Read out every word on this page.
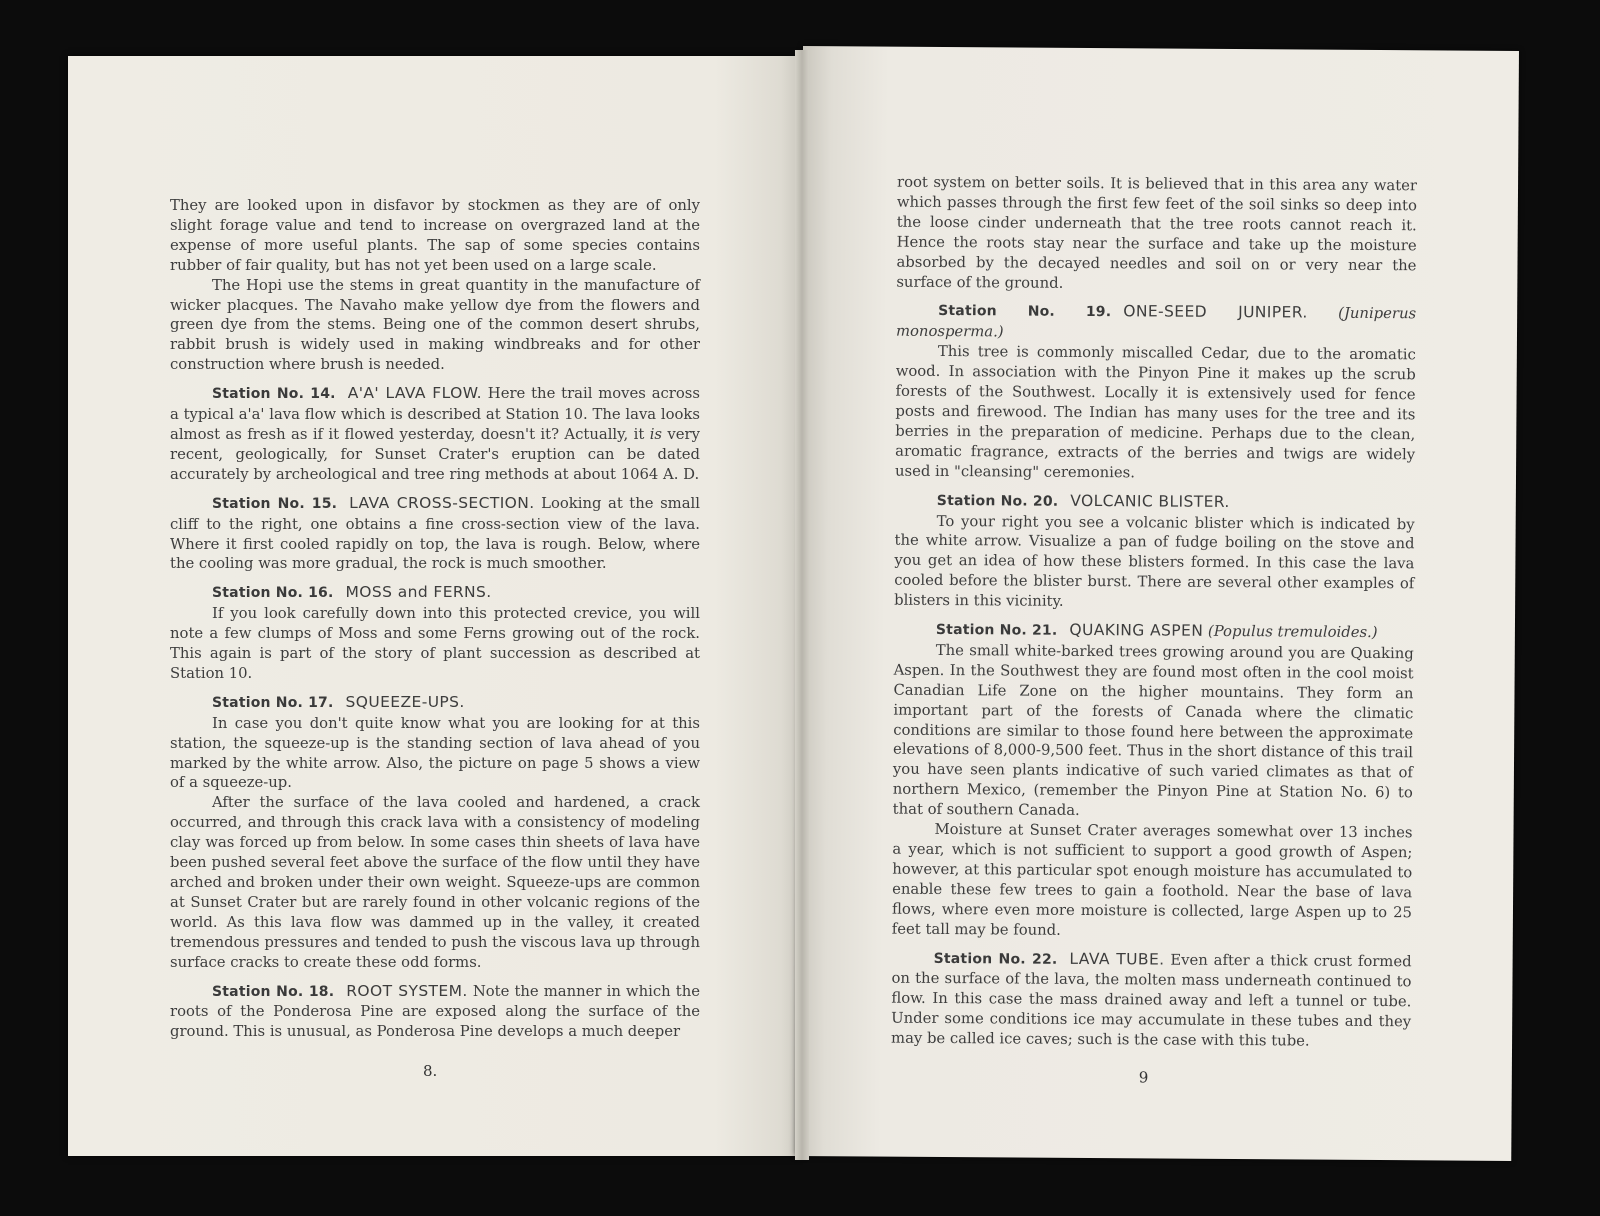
They are looked upon in disfavor by stockmen as they are of only slight forage value and tend to increase on overgrazed land at the expense of more useful plants. The sap of some species contains rubber of fair quality, but has not yet been used on a large scale.

The Hopi use the stems in great quantity in the manufacture of wicker placques. The Navaho make yellow dye from the flowers and green dye from the stems. Being one of the common desert shrubs, rabbit brush is widely used in making windbreaks and for other construction where brush is needed.

Station No. 14. A'A' LAVA FLOW. Here the trail moves across a typical a'a' lava flow which is described at Station 10. The lava looks almost as fresh as if it flowed yesterday, doesn't it? Actually, it is very recent, geologically, for Sunset Crater's eruption can be dated accurately by archeological and tree ring methods at about 1064 A. D.

Station No. 15. LAVA CROSS-SECTION. Looking at the small cliff to the right, one obtains a fine cross-section view of the lava. Where it first cooled rapidly on top, the lava is rough. Below, where the cooling was more gradual, the rock is much smoother.

Station No. 16. MOSS and FERNS.

If you look carefully down into this protected crevice, you will note a few clumps of Moss and some Ferns growing out of the rock. This again is part of the story of plant succession as described at Station 10.

Station No. 17. SQUEEZE-UPS.

In case you don't quite know what you are looking for at this station, the squeeze-up is the standing section of lava ahead of you marked by the white arrow. Also, the picture on page 5 shows a view of a squeeze-up.

After the surface of the lava cooled and hardened, a crack occurred, and through this crack lava with a consistency of modeling clay was forced up from below. In some cases thin sheets of lava have been pushed several feet above the surface of the flow until they have arched and broken under their own weight. Squeeze-ups are common at Sunset Crater but are rarely found in other volcanic regions of the world. As this lava flow was dammed up in the valley, it created tremendous pressures and tended to push the viscous lava up through surface cracks to create these odd forms.

Station No. 18. ROOT SYSTEM. Note the manner in which the roots of the Ponderosa Pine are exposed along the surface of the ground. This is unusual, as Ponderosa Pine develops a much deeper

8.

root system on better soils. It is believed that in this area any water which passes through the first few feet of the soil sinks so deep into the loose cinder underneath that the tree roots cannot reach it. Hence the roots stay near the surface and take up the moisture absorbed by the decayed needles and soil on or very near the surface of the ground.

Station No. 19. ONE-SEED JUNIPER. (Juniperus monosperma.)

This tree is commonly miscalled Cedar, due to the aromatic wood. In association with the Pinyon Pine it makes up the scrub forests of the Southwest. Locally it is extensively used for fence posts and firewood. The Indian has many uses for the tree and its berries in the preparation of medicine. Perhaps due to the clean, aromatic fragrance, extracts of the berries and twigs are widely used in "cleansing" ceremonies.

Station No. 20. VOLCANIC BLISTER.

To your right you see a volcanic blister which is indicated by the white arrow. Visualize a pan of fudge boiling on the stove and you get an idea of how these blisters formed. In this case the lava cooled before the blister burst. There are several other examples of blisters in this vicinity.

Station No. 21. QUAKING ASPEN (Populus tremuloides.)

The small white-barked trees growing around you are Quaking Aspen. In the Southwest they are found most often in the cool moist Canadian Life Zone on the higher mountains. They form an important part of the forests of Canada where the climatic conditions are similar to those found here between the approximate elevations of 8,000-9,500 feet. Thus in the short distance of this trail you have seen plants indicative of such varied climates as that of northern Mexico, (remember the Pinyon Pine at Station No. 6) to that of southern Canada.

Moisture at Sunset Crater averages somewhat over 13 inches a year, which is not sufficient to support a good growth of Aspen; however, at this particular spot enough moisture has accumulated to enable these few trees to gain a foothold. Near the base of lava flows, where even more moisture is collected, large Aspen up to 25 feet tall may be found.

Station No. 22. LAVA TUBE. Even after a thick crust formed on the surface of the lava, the molten mass underneath continued to flow. In this case the mass drained away and left a tunnel or tube. Under some conditions ice may accumulate in these tubes and they may be called ice caves; such is the case with this tube.

9
